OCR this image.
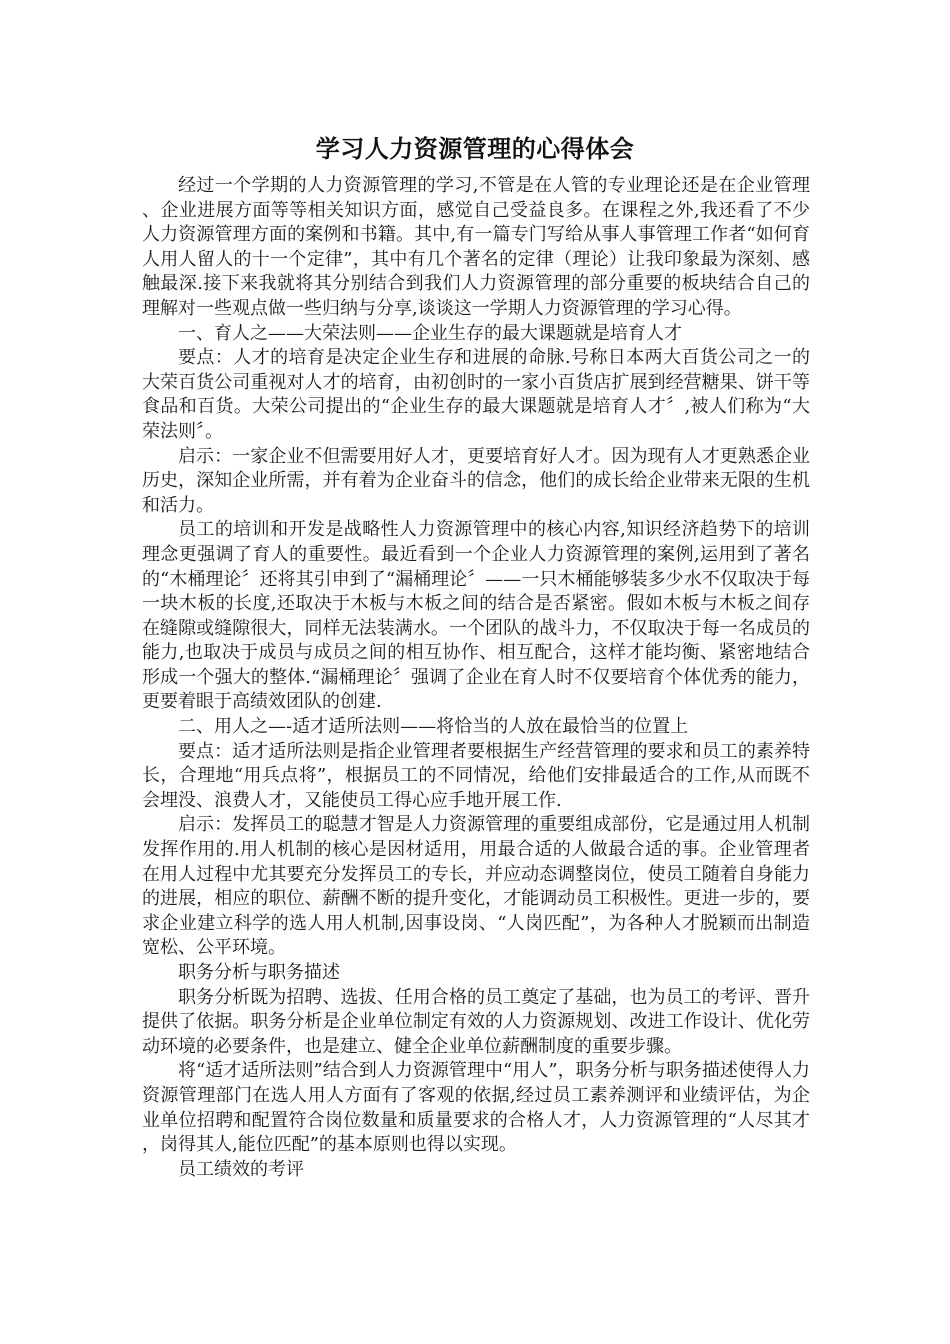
学习人力资源管理的心得体会

经过一个学期的人力资源管理的学习,不管是在人管的专业理论还是在企业管理、企业进展方面等等相关知识方面，感觉自己受益良多。在课程之外,我还看了不少人力资源管理方面的案例和书籍。其中,有一篇专门写给从事人事管理工作者“如何育人用人留人的十一个定律”，其中有几个著名的定律（理论）让我印象最为深刻、感触最深.接下来我就将其分别结合到我们人力资源管理的部分重要的板块结合自己的理解对一些观点做一些归纳与分享,谈谈这一学期人力资源管理的学习心得。

一、育人之——大荣法则——企业生存的最大课题就是培育人才

要点：人才的培育是决定企业生存和进展的命脉.号称日本两大百货公司之一的大荣百货公司重视对人才的培育，由初创时的一家小百货店扩展到经营糖果、饼干等食品和百货。大荣公司提出的“企业生存的最大课题就是培育人才〞,被人们称为“大荣法则〞。

启示：一家企业不但需要用好人才，更要培育好人才。因为现有人才更熟悉企业历史，深知企业所需，并有着为企业奋斗的信念，他们的成长给企业带来无限的生机和活力。

员工的培训和开发是战略性人力资源管理中的核心内容,知识经济趋势下的培训理念更强调了育人的重要性。最近看到一个企业人力资源管理的案例,运用到了著名的“木桶理论〞还将其引申到了“漏桶理论〞——一只木桶能够装多少水不仅取决于每一块木板的长度,还取决于木板与木板之间的结合是否紧密。假如木板与木板之间存在缝隙或缝隙很大，同样无法装满水。一个团队的战斗力，不仅取决于每一名成员的能力,也取决于成员与成员之间的相互协作、相互配合，这样才能均衡、紧密地结合形成一个强大的整体.“漏桶理论〞强调了企业在育人时不仅要培育个体优秀的能力，更要着眼于高绩效团队的创建.

二、用人之—-适才适所法则——将恰当的人放在最恰当的位置上

要点：适才适所法则是指企业管理者要根据生产经营管理的要求和员工的素养特长，合理地“用兵点将”，根据员工的不同情况，给他们安排最适合的工作,从而既不会埋没、浪费人才，又能使员工得心应手地开展工作.

启示：发挥员工的聪慧才智是人力资源管理的重要组成部份，它是通过用人机制发挥作用的.用人机制的核心是因材适用，用最合适的人做最合适的事。企业管理者在用人过程中尤其要充分发挥员工的专长，并应动态调整岗位，使员工随着自身能力的进展，相应的职位、薪酬不断的提升变化，才能调动员工积极性。更进一步的，要求企业建立科学的选人用人机制,因事设岗、“人岗匹配”，为各种人才脱颖而出制造宽松、公平环境。

职务分析与职务描述

职务分析既为招聘、选拔、任用合格的员工奠定了基础，也为员工的考评、晋升提供了依据。职务分析是企业单位制定有效的人力资源规划、改进工作设计、优化劳动环境的必要条件，也是建立、健全企业单位薪酬制度的重要步骤。

将“适才适所法则”结合到人力资源管理中“用人”，职务分析与职务描述使得人力资源管理部门在选人用人方面有了客观的依据,经过员工素养测评和业绩评估，为企业单位招聘和配置符合岗位数量和质量要求的合格人才，人力资源管理的“人尽其才，岗得其人,能位匹配”的基本原则也得以实现。

员工绩效的考评
